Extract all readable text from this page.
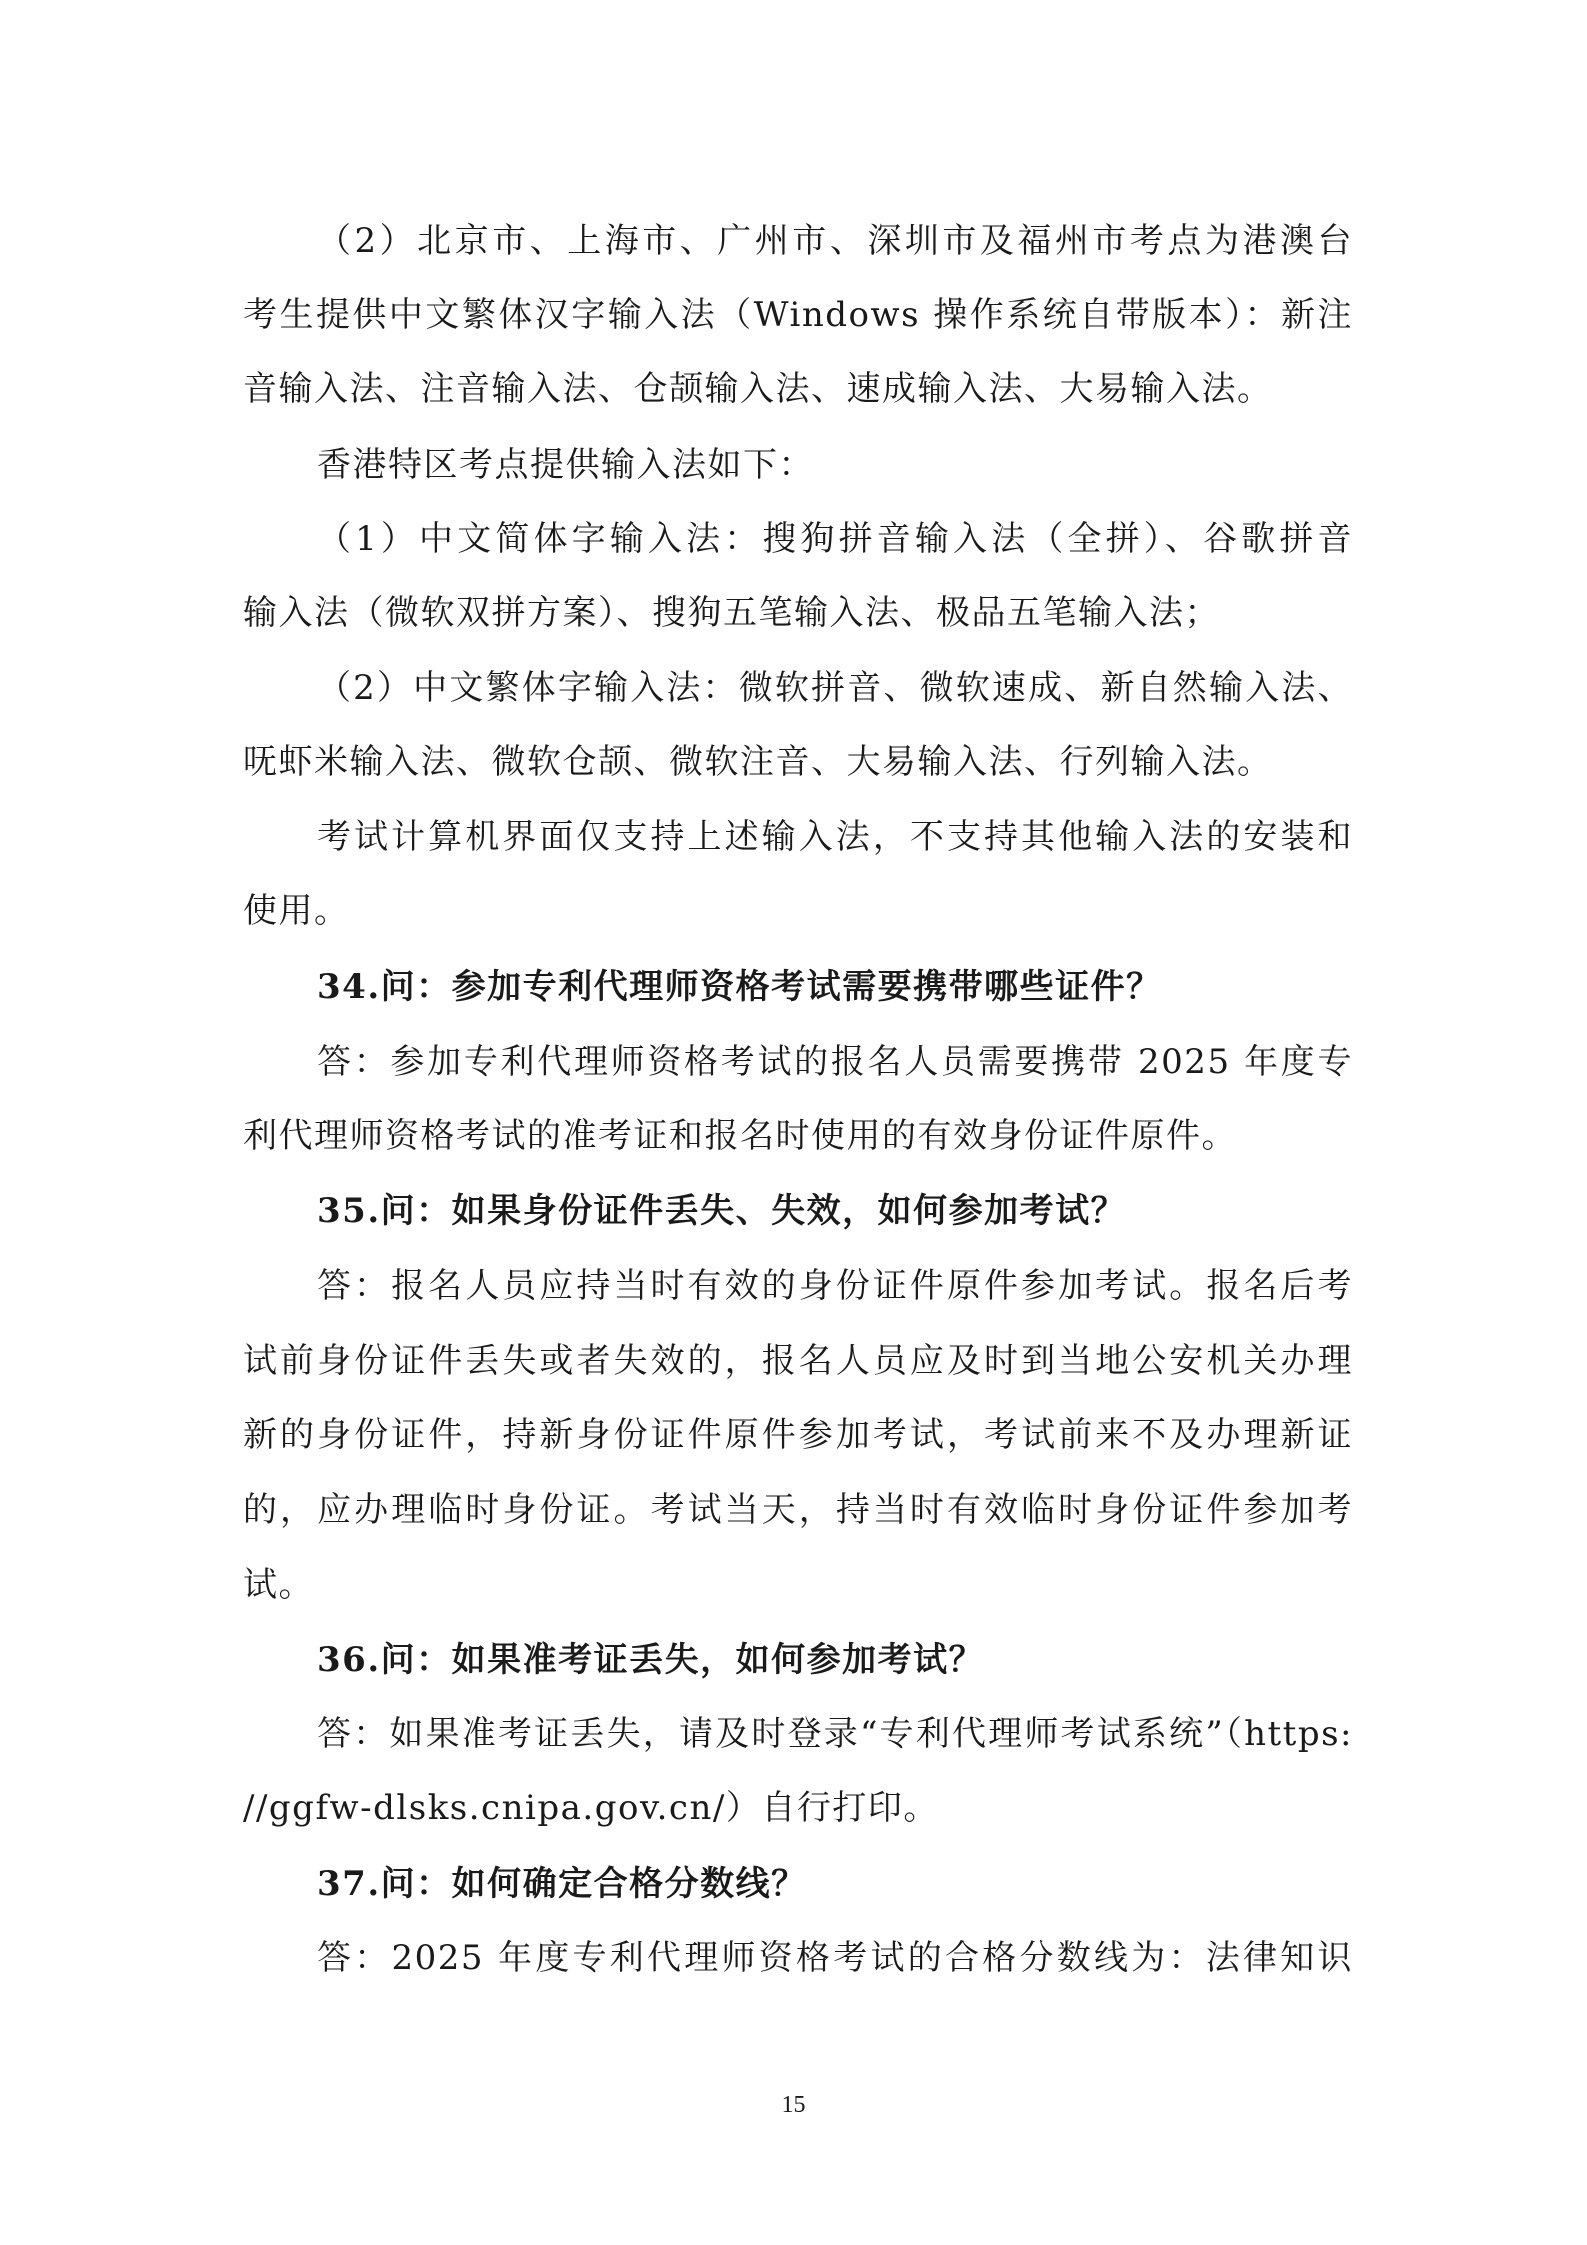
（2）北京市、上海市、广州市、深圳市及福州市考点为港澳台
考生提供中文繁体汉字输入法（Windows 操作系统自带版本）：新注
音输入法、注音输入法、仓颉输入法、速成输入法、大易输入法。
香港特区考点提供输入法如下：
（1）中文简体字输入法：搜狗拼音输入法（全拼）、谷歌拼音
输入法（微软双拼方案）、搜狗五笔输入法、极品五笔输入法；
（2）中文繁体字输入法：微软拼音、微软速成、新自然输入法、
呒虾米输入法、微软仓颉、微软注音、大易输入法、行列输入法。
考试计算机界面仅支持上述输入法，不支持其他输入法的安装和
使用。
34.问：参加专利代理师资格考试需要携带哪些证件？
答：参加专利代理师资格考试的报名人员需要携带 2025 年度专
利代理师资格考试的准考证和报名时使用的有效身份证件原件。
35.问：如果身份证件丢失、失效，如何参加考试？
答：报名人员应持当时有效的身份证件原件参加考试。报名后考
试前身份证件丢失或者失效的，报名人员应及时到当地公安机关办理
新的身份证件，持新身份证件原件参加考试，考试前来不及办理新证
的，应办理临时身份证。考试当天，持当时有效临时身份证件参加考
试。
36.问：如果准考证丢失，如何参加考试？
答：如果准考证丢失，请及时登录“专利代理师考试系统”（https:
//ggfw-dlsks.cnipa.gov.cn/）自行打印。
37.问：如何确定合格分数线？
答：2025 年度专利代理师资格考试的合格分数线为：法律知识
15
